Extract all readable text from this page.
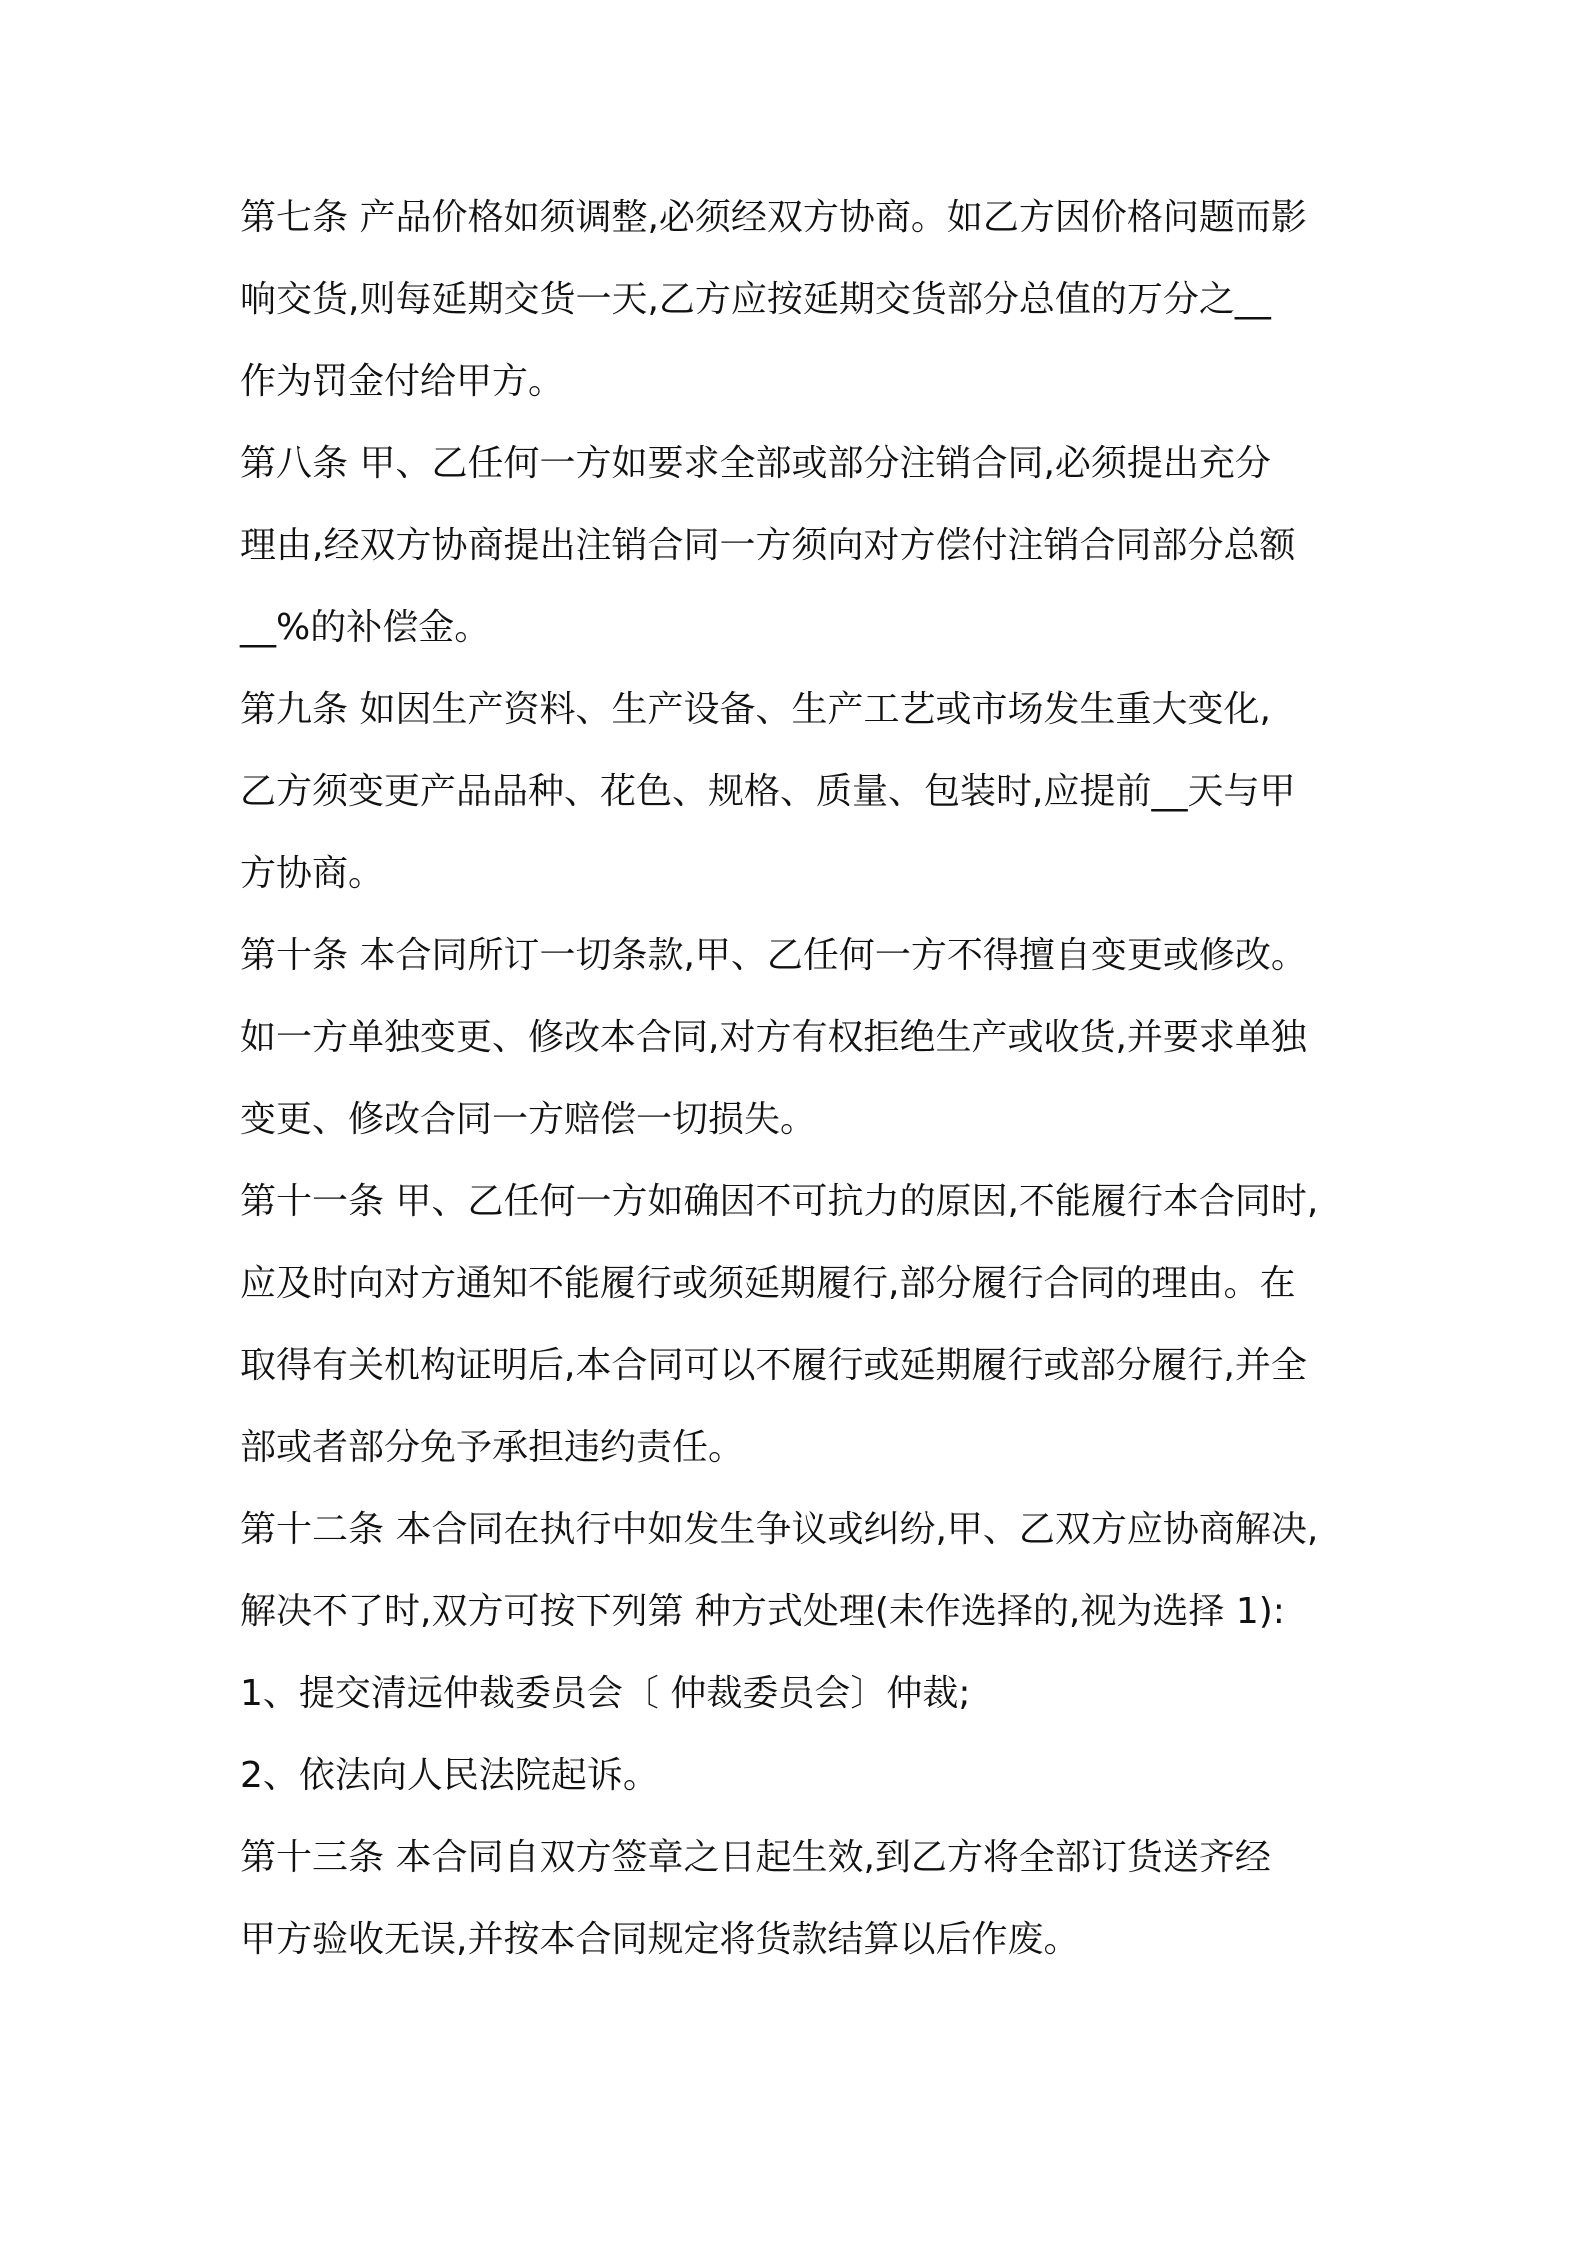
第七条 产品价格如须调整,必须经双方协商。如乙方因价格问题而影
响交货,则每延期交货一天,乙方应按延期交货部分总值的万分之__
作为罚金付给甲方。
第八条 甲、乙任何一方如要求全部或部分注销合同,必须提出充分
理由,经双方协商提出注销合同一方须向对方偿付注销合同部分总额
__%的补偿金。
第九条 如因生产资料、生产设备、生产工艺或市场发生重大变化,
乙方须变更产品品种、花色、规格、质量、包装时,应提前__天与甲
方协商。
第十条 本合同所订一切条款,甲、乙任何一方不得擅自变更或修改。
如一方单独变更、修改本合同,对方有权拒绝生产或收货,并要求单独
变更、修改合同一方赔偿一切损失。
第十一条 甲、乙任何一方如确因不可抗力的原因,不能履行本合同时,
应及时向对方通知不能履行或须延期履行,部分履行合同的理由。在
取得有关机构证明后,本合同可以不履行或延期履行或部分履行,并全
部或者部分免予承担违约责任。
第十二条 本合同在执行中如发生争议或纠纷,甲、乙双方应协商解决,
解决不了时,双方可按下列第 种方式处理(未作选择的,视为选择 1):
1、提交清远仲裁委员会〔 仲裁委员会〕仲裁;
2、依法向人民法院起诉。
第十三条 本合同自双方签章之日起生效,到乙方将全部订货送齐经
甲方验收无误,并按本合同规定将货款结算以后作废。
